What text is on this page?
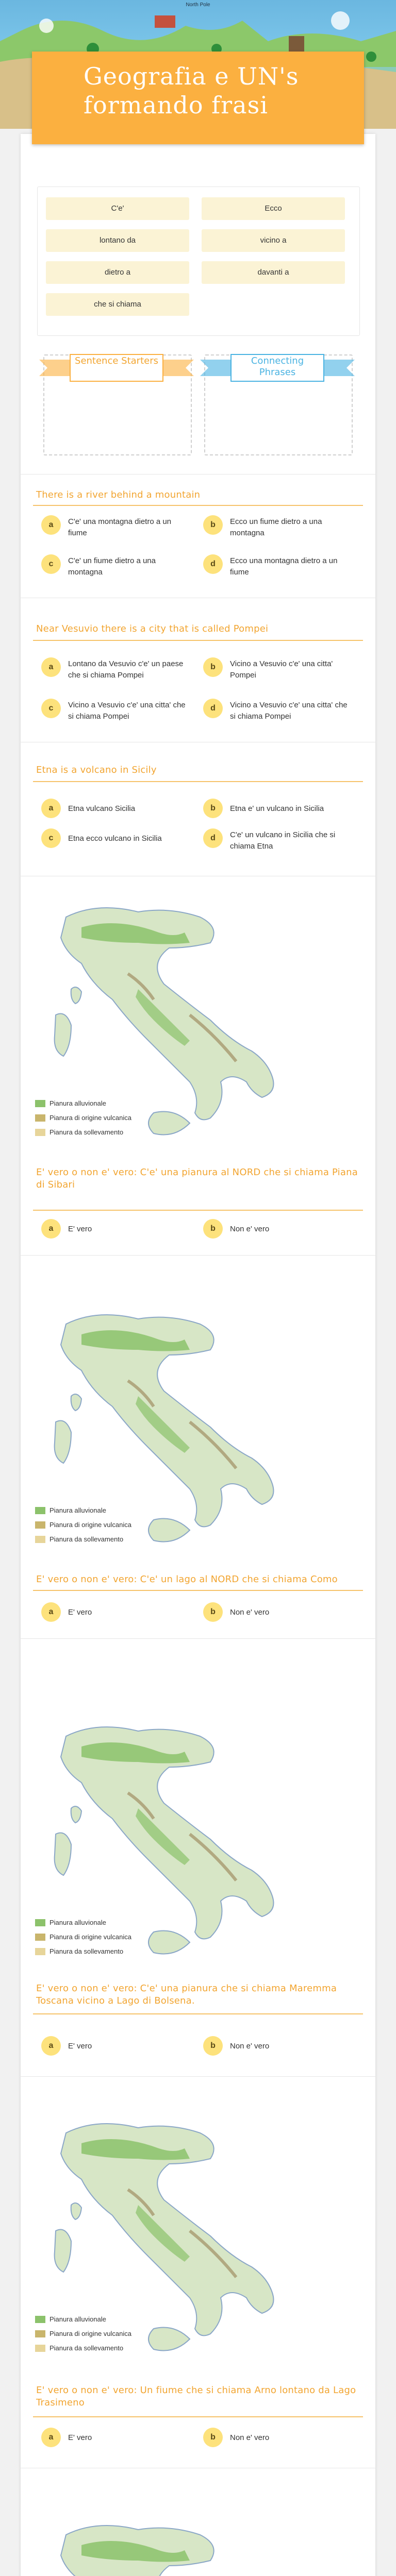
North Pole
Geografia e UN's formando frasi
C'e'	Ecco
lontano da	vicino a
dietro a	davanti a
che si chiama
Sentence Starters	Connecting Phrases
There is a river behind a mountain
a	C'e' una montagna dietro a un fiume
b	Ecco un fiume dietro a una montagna
c	C'e' un fiume dietro a una montagna
d	Ecco una montagna dietro a un fiume
Near Vesuvio there is a city that is called Pompei
a	Lontano da Vesuvio c'e' un paese che si chiama Pompei
b	Vicino a Vesuvio c'e' una citta' Pompei
c	Vicino a Vesuvio c'e' una citta' che si chiama Pompei
d	Vicino a Vesuvio c'e' una citta' che si chiama Pompei
Etna is a volcano in Sicily
a	Etna vulcano Sicilia	b	Etna e' un vulcano in Sicilia
c	Etna ecco vulcano in Sicilia	d	C'e' un vulcano in Sicilia che si chiama Etna
Pianura alluvionale
Pianura di origine vulcanica
Pianura da sollevamento
E' vero o non e' vero: C'e' una pianura al NORD che si chiama Piana di Sibari
a	E' vero	b	Non e' vero
Pianura alluvionale
Pianura di origine vulcanica
Pianura da sollevamento
E' vero o non e' vero: C'e' un lago al NORD che si chiama Como
a	E' vero	b	Non e' vero
Pianura alluvionale
Pianura di origine vulcanica
Pianura da sollevamento
E' vero o non e' vero: C'e' una pianura che si chiama Maremma Toscana vicino a Lago di Bolsena.
a	E' vero	b	Non e' vero
Pianura alluvionale
Pianura di origine vulcanica
Pianura da sollevamento
E' vero o non e' vero: Un fiume che si chiama Arno lontano da Lago Trasimeno
a	E' vero	b	Non e' vero
